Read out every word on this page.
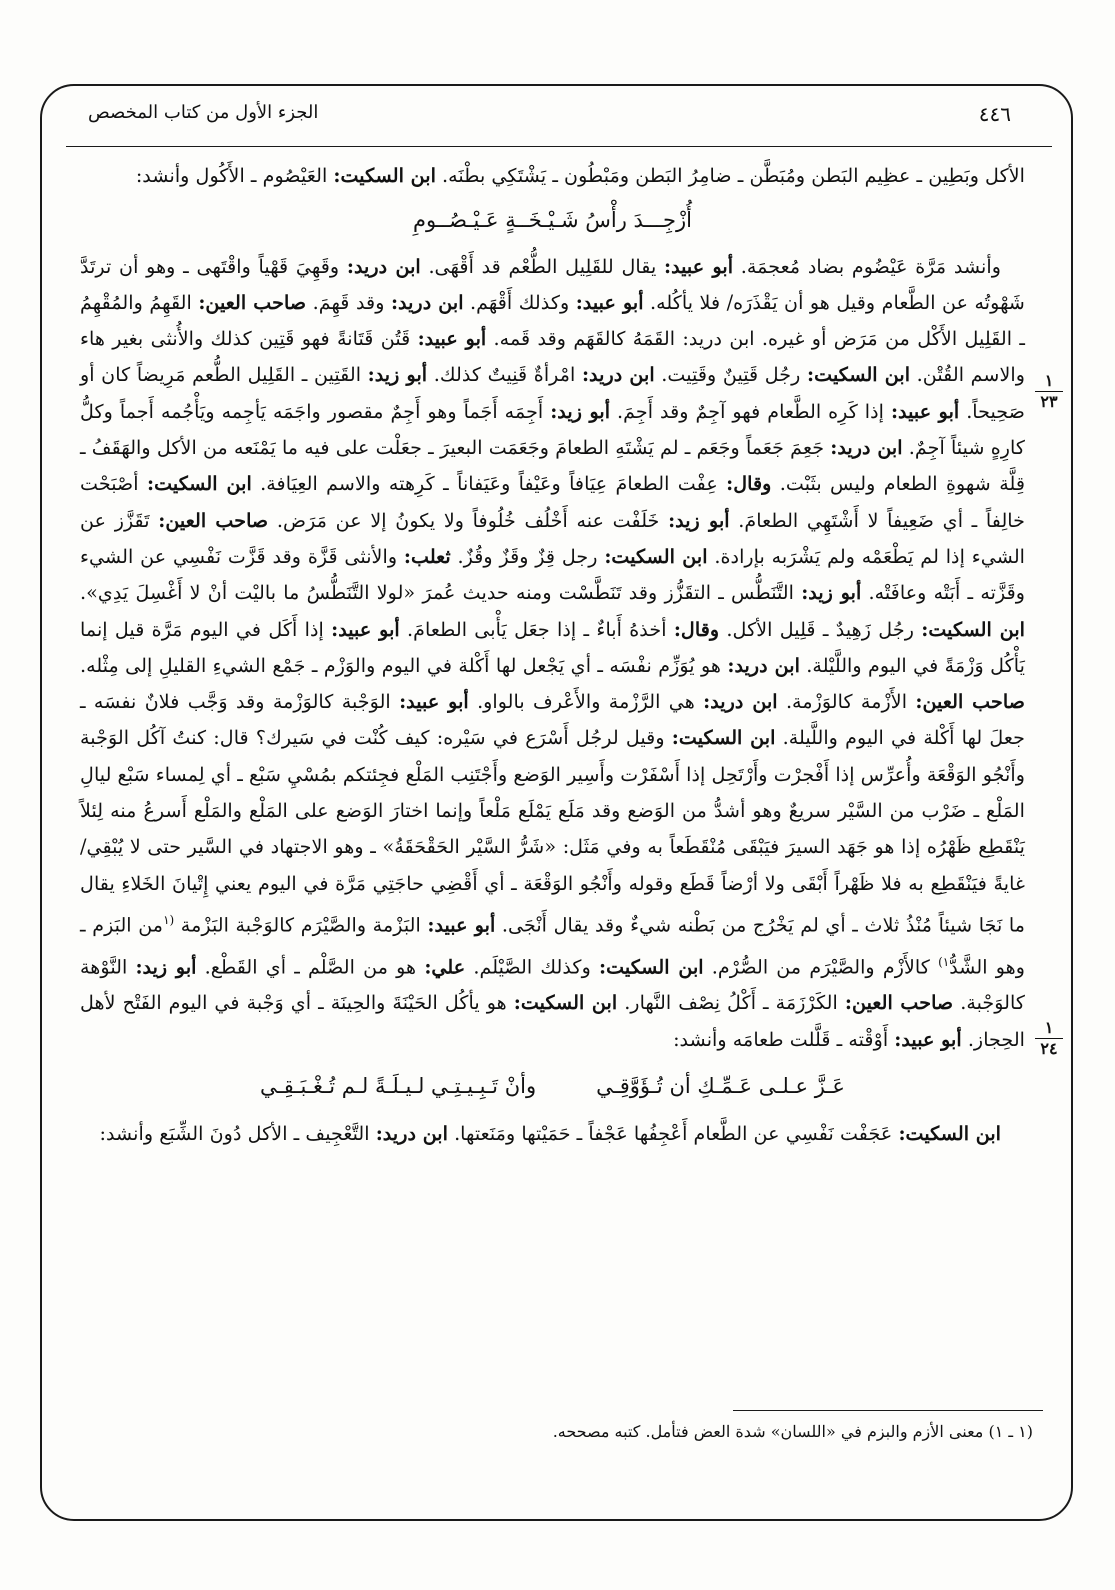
٤٤٦
الجزء الأول من كتاب المخصص
١
٢٣
١
٢٤

الأكل وبَطِين ـ عظِيم البَطن ومُبَطَّن ـ ضامِرُ البَطن ومَبْطُون ـ يَشْتَكِي بطْنَه. ابن السكيت: العَيْصُوم ـ الأَكُول وأنشد:

أُزْجِـــدَ رأْسُ شَـيْـخَــةٍ عَـيْـصُــومِ

وأنشد مَرَّة عَيْضُوم بضاد مُعجمَة. أبو عبيد: يقال للقَلِيل الطُّعْم قد أَقْهَى. ابن دريد: وقَهِيَ قَهْياً واقْتَهى ـ وهو أن ترتَدَّ شَهْوتُه عن الطَّعام وقيل هو أن يَقْذَرَه/ فلا يأكُله. أبو عبيد: وكذلك أَقْهَم. ابن دريد: وقد قَهِمَ. صاحب العين: القَهِمُ والمُقْهِمُ ـ القَلِيل الأَكْل من مَرَض أو غيره. ابن دريد: القَمَهُ كالقَهَم وقد قَمه. أبو عبيد: قَتُن قَتَانةً فهو قَتِين كذلك والأُنثى بغير هاء والاسم القُتْن. ابن السكيت: رجُل قَتِينٌ وقَتِيت. ابن دريد: امْرأةٌ قَنِيتٌ كذلك. أبو زيد: القَتِين ـ القَلِيل الطُّعم مَرِيضاً كان أو صَحِيحاً. أبو عبيد: إذا كَرِه الطَّعام فهو آجِمٌ وقد أَجِمَ. أبو زيد: أَجِمَه أَجَماً وهو أَجِمٌ مقصور واجَمَه يَأجِمه ويَأْجُمه أَجماً وكلُّ كارِهٍ شيئاً آجِمٌ. ابن دريد: جَعِمَ جَعَماً وجَعَم ـ لم يَشْتَهِ الطعامَ وجَعَمَت البعيرَ ـ جعَلْت على فيه ما يَمْنَعه من الأكل والهَقَفُ ـ قِلَّة شهوةِ الطعام وليس بثَبْت. وقال: عِفْت الطعامَ عِيَافاً وعَيْفاً وعَيَفاناً ـ كَرِهته والاسم العِيَافة. ابن السكيت: أصْبَحْت خالِفاً ـ أي ضَعِيفاً لا أَشْتَهِي الطعامَ. أبو زيد: خَلَفْت عنه أَخْلُف خُلُوفاً ولا يكونُ إلا عن مَرَض. صاحب العين: تَقَزَّز عن الشيء إذا لم يَطْعَمْه ولم يَشْرَبه بإرادة. ابن السكيت: رجل قِزٌ وقَزٌ وقُزٌ. ثعلب: والأنثى قَزَّة وقد قَزَّت نَفْسِي عن الشيء وقَزَّته ـ أَبَتْه وعافَتْه. أبو زيد: التَّنَطُّس ـ التقَزُّز وقد تَنَطَّسْت ومنه حديث عُمرَ «لولا التَّنَطُّسُ ما باليْت أنْ لا أَغْسِلَ يَدِي». ابن السكيت: رجُل زَهِيدٌ ـ قَلِيل الأكل. وقال: أخذهُ أَباءٌ ـ إذا جعَل يَأْبى الطعامَ. أبو عبيد: إذا أَكَل في اليوم مَرَّة قيل إنما يَأْكُل وَزْمَةً في اليوم واللَّيْلة. ابن دريد: هو يُوَزِّم نفْسَه ـ أي يَجْعل لها أَكْلة في اليوم والوَزْم ـ جَمْع الشيءِ القليلِ إلى مِثْله. صاحب العين: الأَزْمة كالوَزْمة. ابن دريد: هي الرَّزْمة والأَعْرف بالواو. أبو عبيد: الوَجْبة كالوَزْمة وقد وَجَّب فلانٌ نفسَه ـ جعلَ لها أَكْلة في اليوم واللَّيلة. ابن السكيت: وقيل لرجُل أَسْرَع في سَيْره: كيف كُنْت في سَيرك؟ قال: كنتُ آكُل الوَجْبة وأَنْجُو الوَقْعَة وأُعرِّس إذا أَفْجرْت وأَرْتَحِل إذا أَسْفَرْت وأَسِير الوَضع وأَجْتَنِب المَلْع فجِئتكم بمُسْيِ سَبْع ـ أي لِمساء سَبْع ليالِ المَلْع ـ ضَرْب من السَّيْر سريعٌ وهو أشدُّ من الوَضع وقد مَلَع يَمْلَع مَلْعاً وإنما اختارَ الوَضع على المَلْع والمَلْع أَسرعُ منه لِئلاً يَنْقَطِع ظَهْرُه إذا هو جَهَد السيرَ فيَبْقَى مُنْقَطَعاً به وفي مَثَل: «شَرُّ السَّيْر الحَقْحَقَةُ» ـ وهو الاجتهاد في السَّير حتى لا يُبْقِي/ غايةً فيَنْقَطِع به فلا ظَهْراً أَبْقَى ولا أرْضاً قَطَع وقوله وأَنْجُو الوَقْعَة ـ أي أَقْضِي حاجَتِي مَرَّة في اليوم يعني إِتْيانَ الخَلاءِ يقال ما نَجَا شيئاً مُنْذُ ثلاث ـ أي لم يَخْرُج من بَطْنه شيءٌ وقد يقال أَنْجَى. أبو عبيد: البَزْمة والصَّيْرَم كالوَجْبة البَزْمة $^{(١}$من البَزم ـ وهو الشَّدُّ$^{١)}$ كالأَزْم والصَّيْرَم من الصُّرْم. ابن السكيت: وكذلك الصَّيْلَم. علي: هو من الصَّلْم ـ أي القَطْع. أبو زيد: النَّوْهة كالوَجْبة. صاحب العين: الكَرْزَمَة ـ أَكْلُ نِصْف النَّهار. ابن السكيت: هو يأكُل الحَيْنَةَ والحِينَة ـ أي وَجْبة في اليوم الفَتْح لأهل الحِجاز. أبو عبيد: أَوْقْته ـ قَلَّلت طعامَه وأنشد:

عَـزَّ عـلـى عَـمِّـكِ أن تُـؤَوَّقِـي
وأنْ تَـبِـيـتِـي لـيـلَـةً لـم تُـغْـبَـقِـي

ابن السكيت: عَجَفْت نَفْسِي عن الطَّعام أَعْجِفُها عَجْفاً ـ حَمَيْتها ومَنَعتها. ابن دريد: التَّعْجِيف ـ الأكل دُونَ الشِّبَع وأنشد:

(١ ـ ١) معنى الأزم والبزم في «اللسان» شدة العض فتأمل. كتبه مصححه.
